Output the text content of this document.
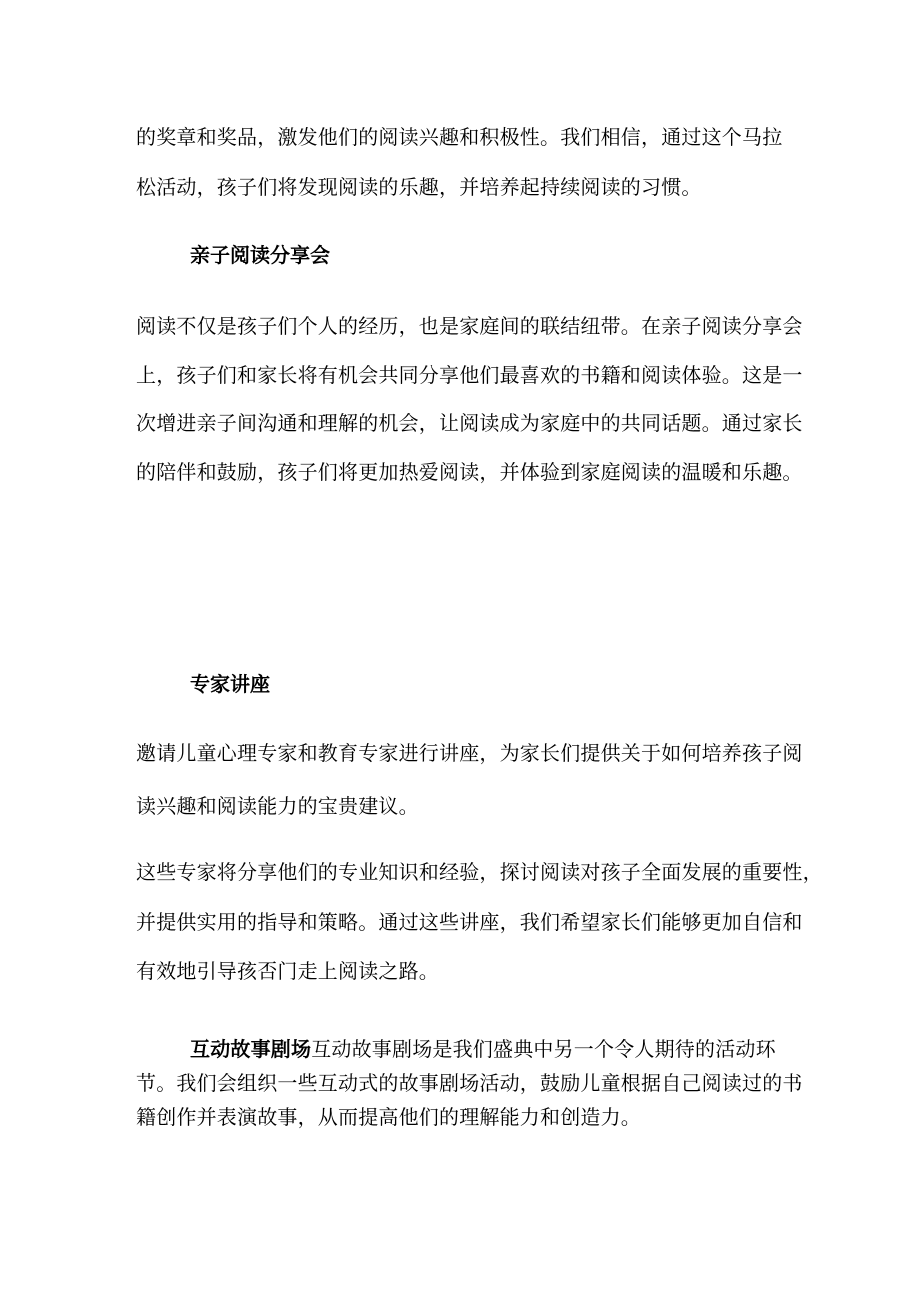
的奖章和奖品，激发他们的阅读兴趣和积极性。我们相信，通过这个马拉
松活动，孩子们将发现阅读的乐趣，并培养起持续阅读的习惯。
亲子阅读分享会
阅读不仅是孩子们个人的经历，也是家庭间的联结纽带。在亲子阅读分享会
上，孩子们和家长将有机会共同分享他们最喜欢的书籍和阅读体验。这是一
次增进亲子间沟通和理解的机会，让阅读成为家庭中的共同话题。通过家长
的陪伴和鼓励，孩子们将更加热爱阅读，并体验到家庭阅读的温暖和乐趣。
专家讲座
邀请儿童心理专家和教育专家进行讲座，为家长们提供关于如何培养孩子阅
读兴趣和阅读能力的宝贵建议。
这些专家将分享他们的专业知识和经验，探讨阅读对孩子全面发展的重要性，
并提供实用的指导和策略。通过这些讲座，我们希望家长们能够更加自信和
有效地引导孩否门走上阅读之路。
互动故事剧场互动故事剧场是我们盛典中另一个令人期待的活动环
节。我们会组织一些互动式的故事剧场活动，鼓励儿童根据自己阅读过的书
籍创作并表演故事，从而提高他们的理解能力和创造力。
